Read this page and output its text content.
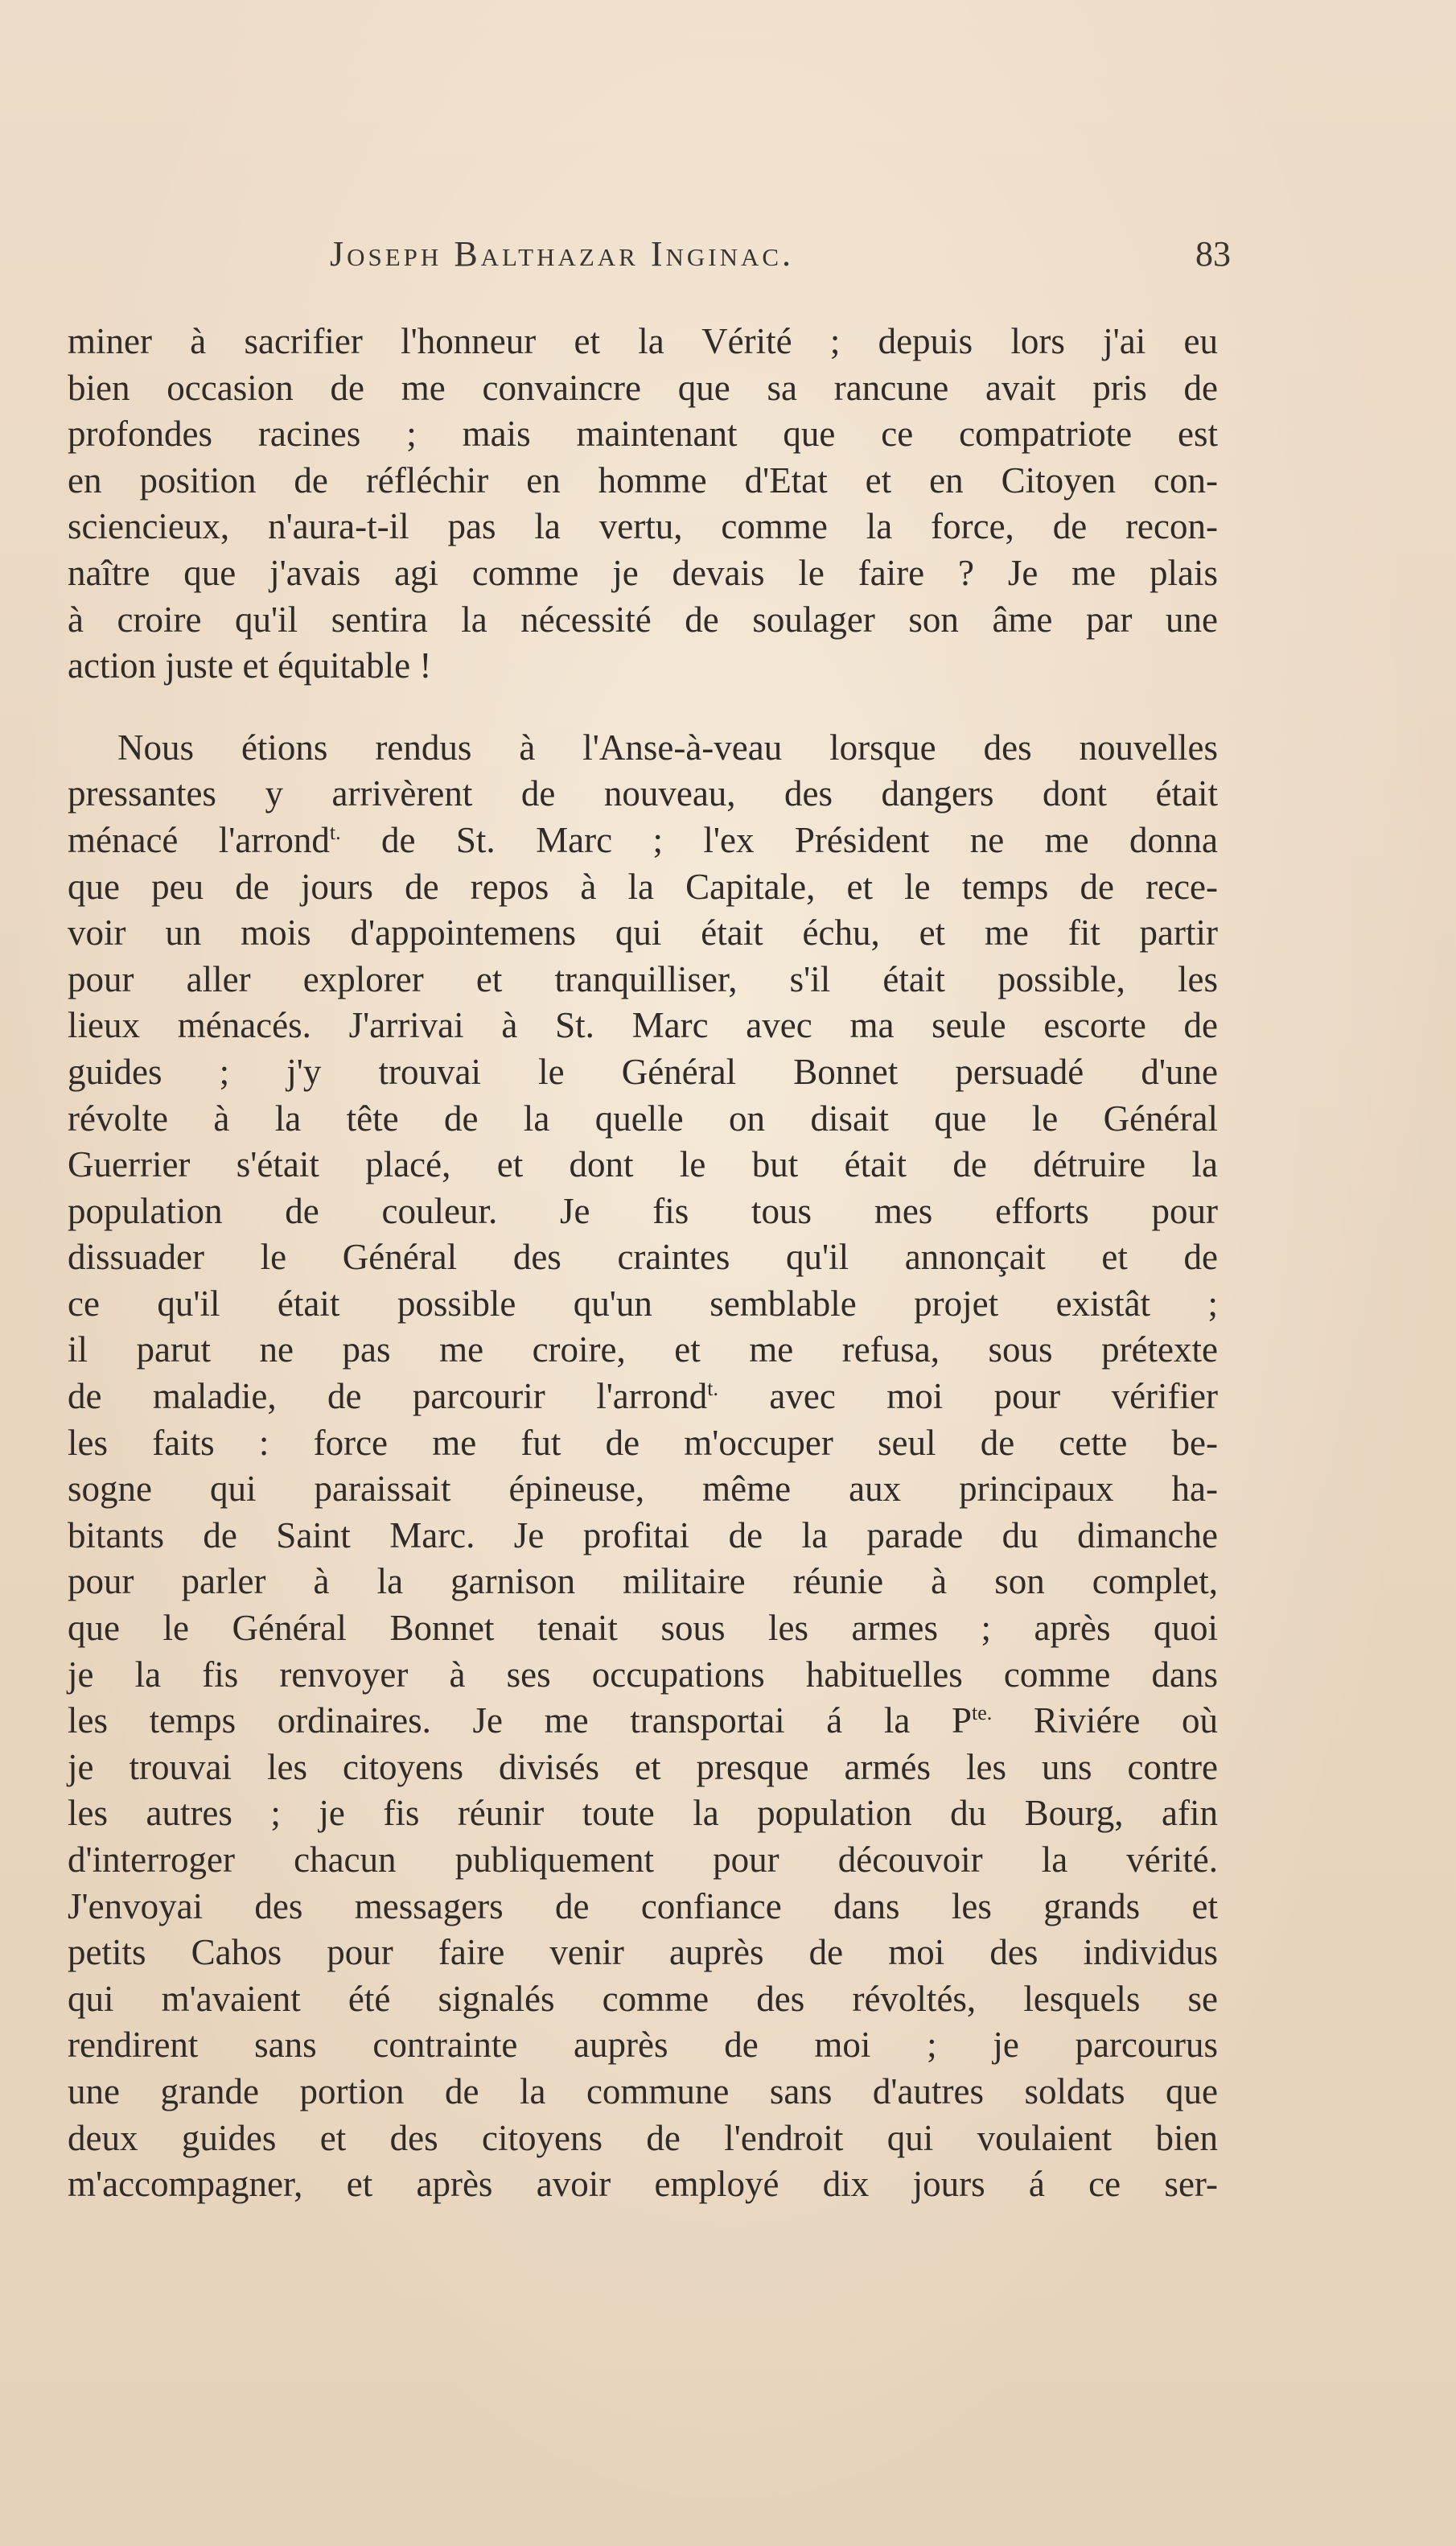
Joseph Balthazar Inginac.	83
miner à sacrifier l'honneur et la Vérité ; depuis lors j'ai eu
bien occasion de me convaincre que sa rancune avait pris de
profondes racines ; mais maintenant que ce compatriote est
en position de réfléchir en homme d'Etat et en Citoyen con-
sciencieux, n'aura-t-il pas la vertu, comme la force, de recon-
naître que j'avais agi comme je devais le faire ? Je me plais
à croire qu'il sentira la nécessité de soulager son âme par une
action juste et équitable !
Nous étions rendus à l'Anse-à-veau lorsque des nouvelles
pressantes y arrivèrent de nouveau, des dangers dont était
ménacé l'arrond$^{t.}$ de St. Marc ; l'ex Président ne me donna
que peu de jours de repos à la Capitale, et le temps de rece-
voir un mois d'appointemens qui était échu, et me fit partir
pour aller explorer et tranquilliser, s'il était possible, les
lieux ménacés. J'arrivai à St. Marc avec ma seule escorte de
guides ; j'y trouvai le Général Bonnet persuadé d'une
révolte à la tête de la quelle on disait que le Général
Guerrier s'était placé, et dont le but était de détruire la
population de couleur. Je fis tous mes efforts pour
dissuader le Général des craintes qu'il annonçait et de
ce qu'il était possible qu'un semblable projet existât ;
il parut ne pas me croire, et me refusa, sous prétexte
de maladie, de parcourir l'arrond$^{t.}$ avec moi pour vérifier
les faits : force me fut de m'occuper seul de cette be-
sogne qui paraissait épineuse, même aux principaux ha-
bitants de Saint Marc. Je profitai de la parade du dimanche
pour parler à la garnison militaire réunie à son complet,
que le Général Bonnet tenait sous les armes ; après quoi
je la fis renvoyer à ses occupations habituelles comme dans
les temps ordinaires. Je me transportai á la $P^{te.}$ Riviére où
je trouvai les citoyens divisés et presque armés les uns contre
les autres ; je fis réunir toute la population du Bourg, afin
d'interroger chacun publiquement pour découvoir la vérité.
J'envoyai des messagers de confiance dans les grands et
petits Cahos pour faire venir auprès de moi des individus
qui m'avaient été signalés comme des révoltés, lesquels se
rendirent sans contrainte auprès de moi ; je parcourus
une grande portion de la commune sans d'autres soldats que
deux guides et des citoyens de l'endroit qui voulaient bien
m'accompagner, et après avoir employé dix jours á ce ser-
